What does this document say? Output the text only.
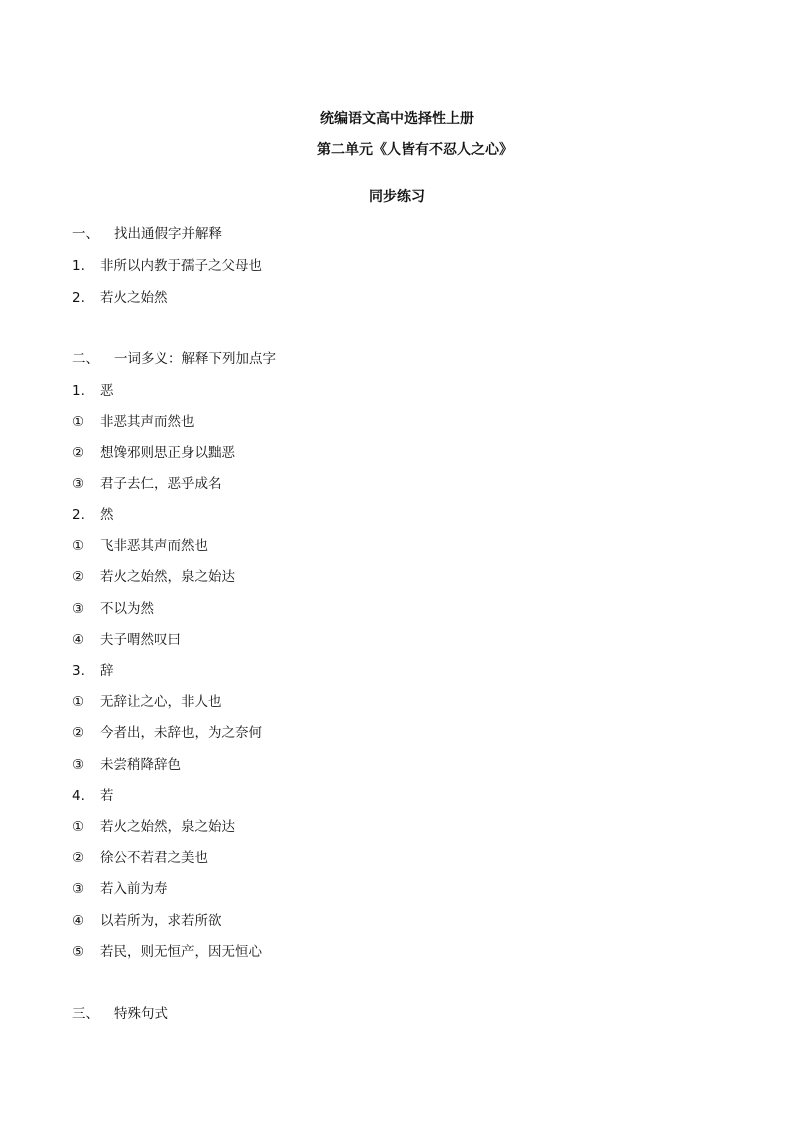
统编语文高中选择性上册
第二单元《人皆有不忍人之心》
同步练习
一、 找出通假字并解释
1. 非所以内教于孺子之父母也
2. 若火之始然
二、 一词多义：解释下列加点字
1. 恶
① 非恶其声而然也
② 想馋邪则思正身以黜恶
③ 君子去仁，恶乎成名
2. 然
① 飞非恶其声而然也
② 若火之始然，泉之始达
③ 不以为然
④ 夫子喟然叹曰
3. 辞
① 无辞让之心，非人也
② 今者出，未辞也，为之奈何
③ 未尝稍降辞色
4. 若
① 若火之始然，泉之始达
② 徐公不若君之美也
③ 若入前为寿
④ 以若所为，求若所欲
⑤ 若民，则无恒产，因无恒心
三、 特殊句式
